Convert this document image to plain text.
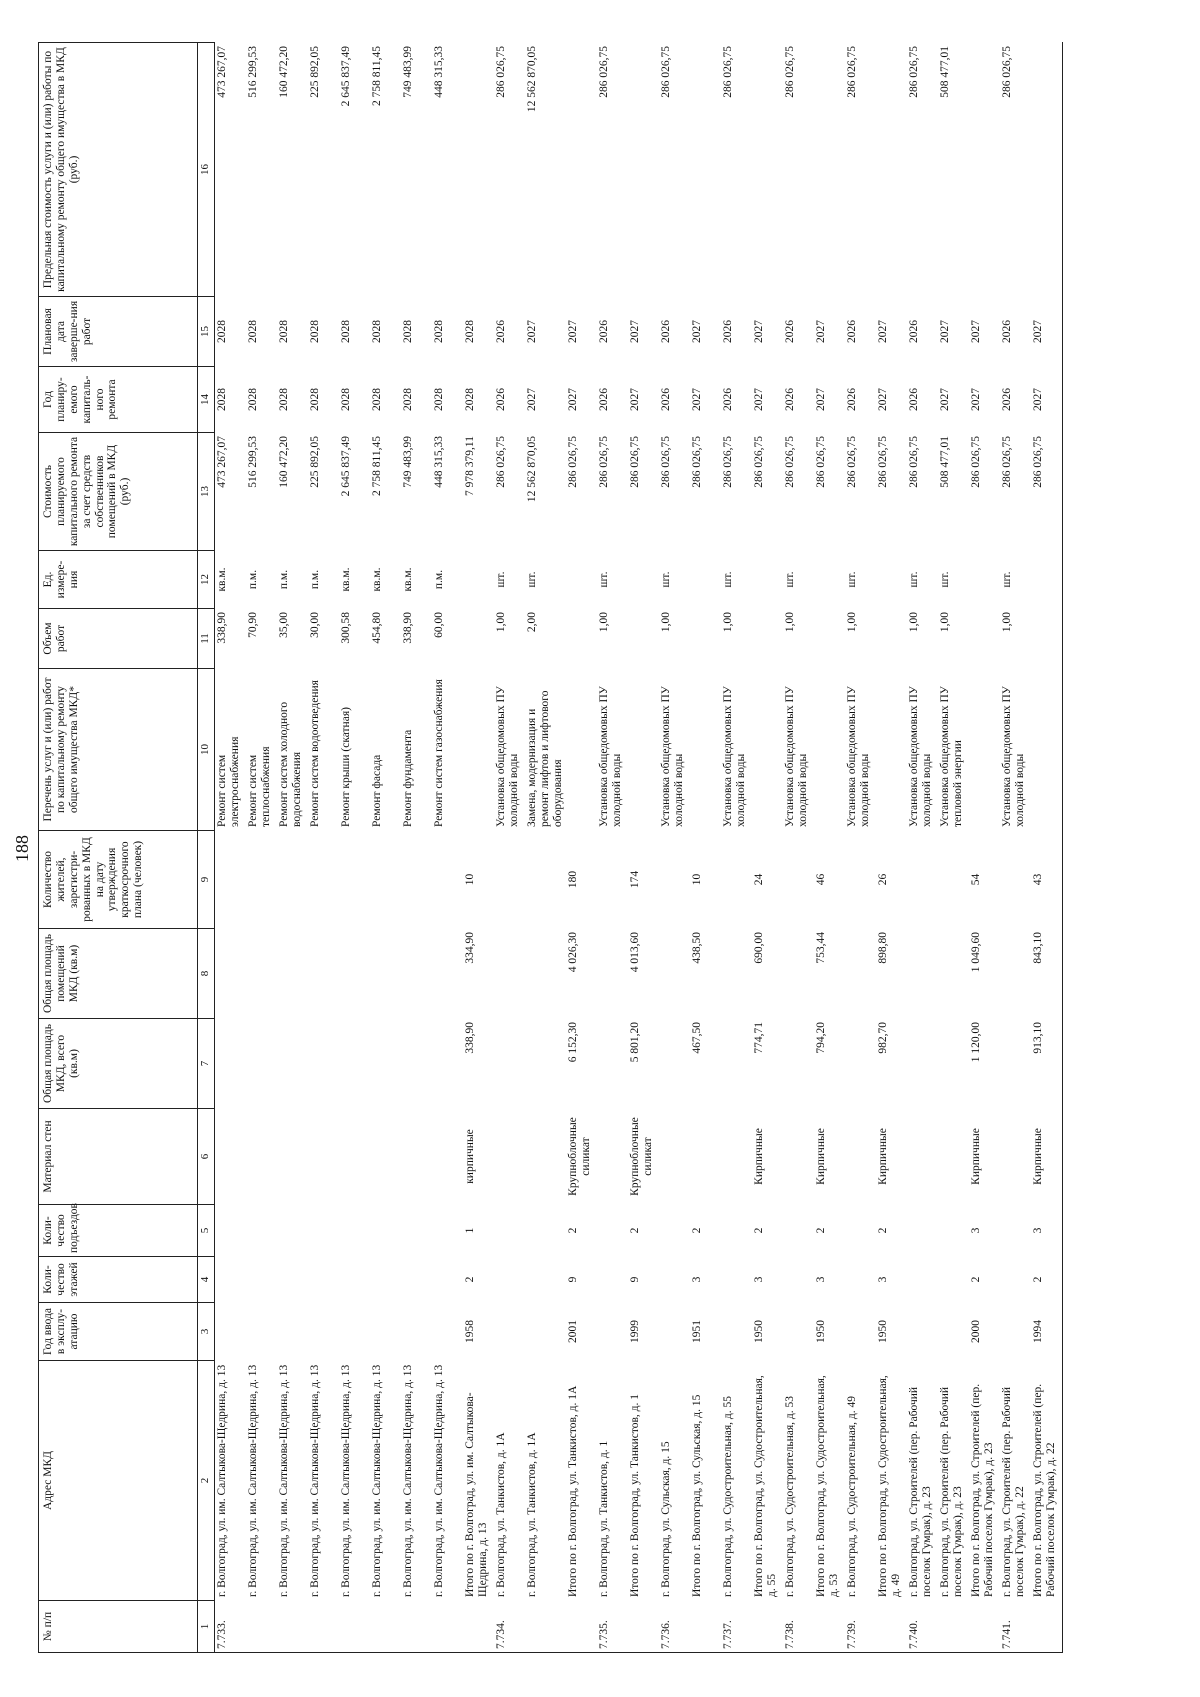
188
№ п/п	Адрес МКД	Год ввода в эксплу-атацию	Коли-чество этажей	Коли-чество подъездов	Материал стен	Общая площадь МКД, всего (кв.м)	Общая площадь помещений МКД (кв.м)	Количество жителей, зарегистри-рованных в МКД на дату утверждения краткосрочного плана (человек)	Перечень услуг и (или) работ по капитальному ремонту общего имущества МКД*	Объем работ	Ед. измере-ния	Стоимость планируемого капитального ремонта за счет средств собственников помещений в МКД (руб.)	Год планиру-емого капиталь-ного ремонта	Плановая дата заверше-ния работ	Предельная стоимость услуги и (или) работы по капитальному ремонту общего имущества в МКД (руб.)
1	2	3	4	5	6	7	8	9	10	11	12	13	14	15	16
7.733.	г. Волгоград, ул. им. Салтыкова-Щедрина, д. 13								Ремонт систем электроснабжения	338,90	кв.м.	473 267,07	2028	2028	473 267,07
	г. Волгоград, ул. им. Салтыкова-Щедрина, д. 13								Ремонт систем теплоснабжения	70,90	п.м.	516 299,53	2028	2028	516 299,53
	г. Волгоград, ул. им. Салтыкова-Щедрина, д. 13								Ремонт систем холодного водоснабжения	35,00	п.м.	160 472,20	2028	2028	160 472,20
	г. Волгоград, ул. им. Салтыкова-Щедрина, д. 13								Ремонт систем водоотведения	30,00	п.м.	225 892,05	2028	2028	225 892,05
	г. Волгоград, ул. им. Салтыкова-Щедрина, д. 13								Ремонт крыши (скатная)	300,58	кв.м.	2 645 837,49	2028	2028	2 645 837,49
	г. Волгоград, ул. им. Салтыкова-Щедрина, д. 13								Ремонт фасада	454,80	кв.м.	2 758 811,45	2028	2028	2 758 811,45
	г. Волгоград, ул. им. Салтыкова-Щедрина, д. 13								Ремонт фундамента	338,90	кв.м.	749 483,99	2028	2028	749 483,99
	г. Волгоград, ул. им. Салтыкова-Щедрина, д. 13								Ремонт систем газоснабжения	60,00	п.м.	448 315,33	2028	2028	448 315,33
	Итого по г. Волгоград, ул. им. Салтыкова-Щедрина, д. 13	1958	2	1	кирпичные	338,90	334,90	10				7 978 379,11	2028	2028	
7.734.	г. Волгоград, ул. Танкистов, д. 1А								Установка общедомовых ПУ холодной воды	1,00	шт.	286 026,75	2026	2026	286 026,75
	г. Волгоград, ул. Танкистов, д. 1А								Замена, модернизация и ремонт лифтов и лифтового оборудования	2,00	шт.	12 562 870,05	2027	2027	12 562 870,05
	Итого по г. Волгоград, ул. Танкистов, д. 1А	2001	9	2	Крупноблочные силикат	6 152,30	4 026,30	180				286 026,75	2027	2027	
7.735.	г. Волгоград, ул. Танкистов, д. 1								Установка общедомовых ПУ холодной воды	1,00	шт.	286 026,75	2026	2026	286 026,75
	Итого по г. Волгоград, ул. Танкистов, д. 1	1999	9	2	Крупноблочные силикат	5 801,20	4 013,60	174				286 026,75	2027	2027	
7.736.	г. Волгоград, ул. Сульская, д. 15								Установка общедомовых ПУ холодной воды	1,00	шт.	286 026,75	2026	2026	286 026,75
	Итого по г. Волгоград, ул. Сульская, д. 15	1951	3	2		467,50	438,50	10				286 026,75	2027	2027	
7.737.	г. Волгоград, ул. Судостроительная, д. 55								Установка общедомовых ПУ холодной воды	1,00	шт.	286 026,75	2026	2026	286 026,75
	Итого по г. Волгоград, ул. Судостроительная, д. 55	1950	3	2	Кирпичные	774,71	690,00	24				286 026,75	2027	2027	
7.738.	г. Волгоград, ул. Судостроительная, д. 53								Установка общедомовых ПУ холодной воды	1,00	шт.	286 026,75	2026	2026	286 026,75
	Итого по г. Волгоград, ул. Судостроительная, д. 53	1950	3	2	Кирпичные	794,20	753,44	46				286 026,75	2027	2027	
7.739.	г. Волгоград, ул. Судостроительная, д. 49								Установка общедомовых ПУ холодной воды	1,00	шт.	286 026,75	2026	2026	286 026,75
	Итого по г. Волгоград, ул. Судостроительная, д. 49	1950	3	2	Кирпичные	982,70	898,80	26				286 026,75	2027	2027	
7.740.	г. Волгоград, ул. Строителей (пер. Рабочий поселок Гумрак), д. 23								Установка общедомовых ПУ холодной воды	1,00	шт.	286 026,75	2026	2026	286 026,75
	г. Волгоград, ул. Строителей (пер. Рабочий поселок Гумрак), д. 23								Установка общедомовых ПУ тепловой энергии	1,00	шт.	508 477,01	2027	2027	508 477,01
	Итого по г. Волгоград, ул. Строителей (пер. Рабочий поселок Гумрак), д. 23	2000	2	3	Кирпичные	1 120,00	1 049,60	54				286 026,75	2027	2027	
7.741.	г. Волгоград, ул. Строителей (пер. Рабочий поселок Гумрак), д. 22								Установка общедомовых ПУ холодной воды	1,00	шт.	286 026,75	2026	2026	286 026,75
	Итого по г. Волгоград, ул. Строителей (пер. Рабочий поселок Гумрак), д. 22	1994	2	3	Кирпичные	913,10	843,10	43				286 026,75	2027	2027	
